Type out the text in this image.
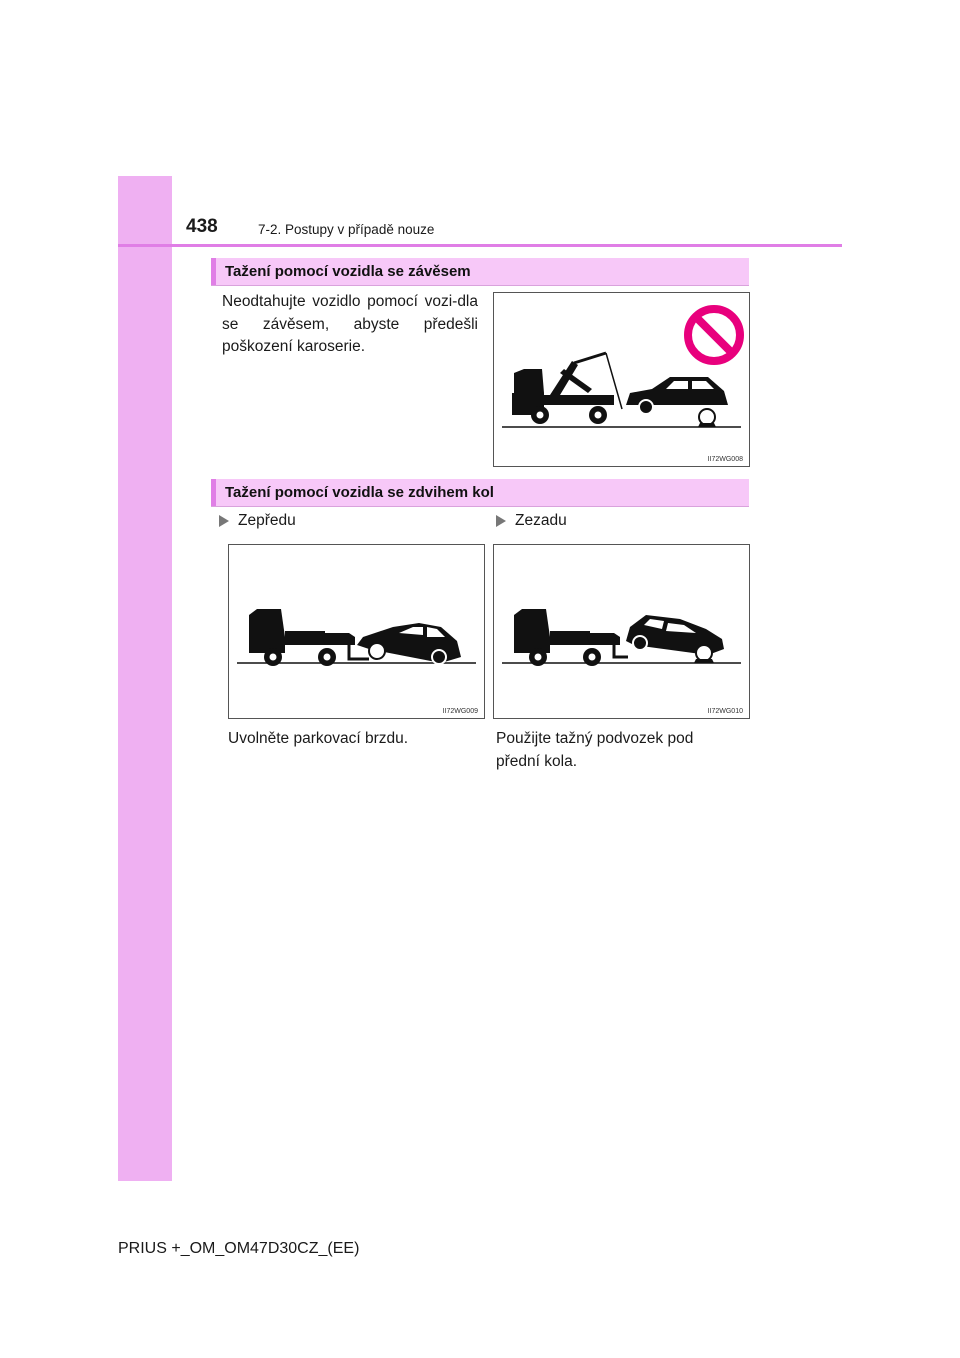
438	7-2. Postupy v případě nouze
Tažení pomocí vozidla se závěsem
Neodtahujte vozidlo pomocí vozi-dla se závěsem, abyste předešli poškození karoserie.
II72WG008
Tažení pomocí vozidla se zdvihem kol
Zepředu	Zezadu
II72WG009	II72WG010
Uvolněte parkovací brzdu.	Použijte tažný podvozek pod přední kola.
PRIUS +_OM_OM47D30CZ_(EE)
